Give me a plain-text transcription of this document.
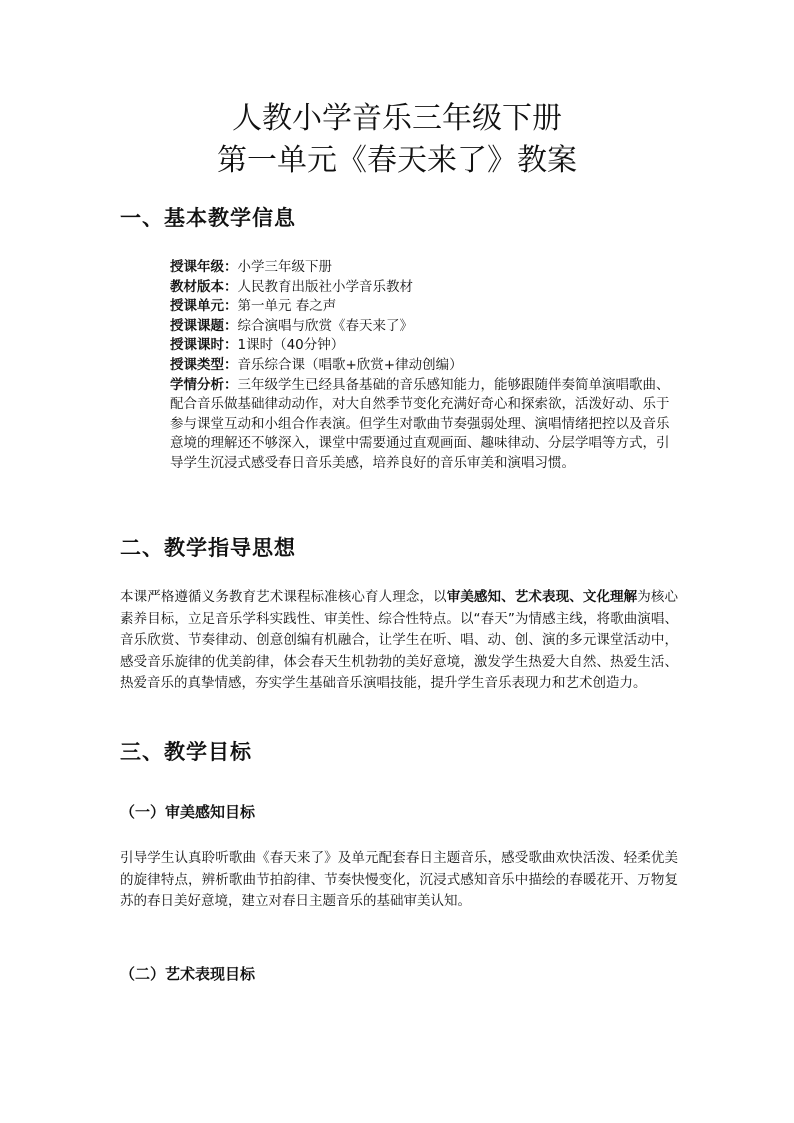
人教小学音乐三年级下册
第一单元《春天来了》教案
一、基本教学信息
授课年级：小学三年级下册
教材版本：人民教育出版社小学音乐教材
授课单元：第一单元 春之声
授课课题：综合演唱与欣赏《春天来了》
授课课时：1课时（40分钟）
授课类型：音乐综合课（唱歌+欣赏+律动创编）
学情分析：三年级学生已经具备基础的音乐感知能力，能够跟随伴奏简单演唱歌曲、配合音乐做基础律动动作，对大自然季节变化充满好奇心和探索欲，活泼好动、乐于参与课堂互动和小组合作表演。但学生对歌曲节奏强弱处理、演唱情绪把控以及音乐意境的理解还不够深入，课堂中需要通过直观画面、趣味律动、分层学唱等方式，引导学生沉浸式感受春日音乐美感，培养良好的音乐审美和演唱习惯。
二、教学指导思想

本课严格遵循义务教育艺术课程标准核心育人理念，以审美感知、艺术表现、文化理解为核心素养目标，立足音乐学科实践性、审美性、综合性特点。以“春天”为情感主线，将歌曲演唱、音乐欣赏、节奏律动、创意创编有机融合，让学生在听、唱、动、创、演的多元课堂活动中，感受音乐旋律的优美韵律，体会春天生机勃勃的美好意境，激发学生热爱大自然、热爱生活、热爱音乐的真挚情感，夯实学生基础音乐演唱技能，提升学生音乐表现力和艺术创造力。

三、教学目标
（一）审美感知目标

引导学生认真聆听歌曲《春天来了》及单元配套春日主题音乐，感受歌曲欢快活泼、轻柔优美的旋律特点，辨析歌曲节拍韵律、节奏快慢变化，沉浸式感知音乐中描绘的春暖花开、万物复苏的春日美好意境，建立对春日主题音乐的基础审美认知。

（二）艺术表现目标
